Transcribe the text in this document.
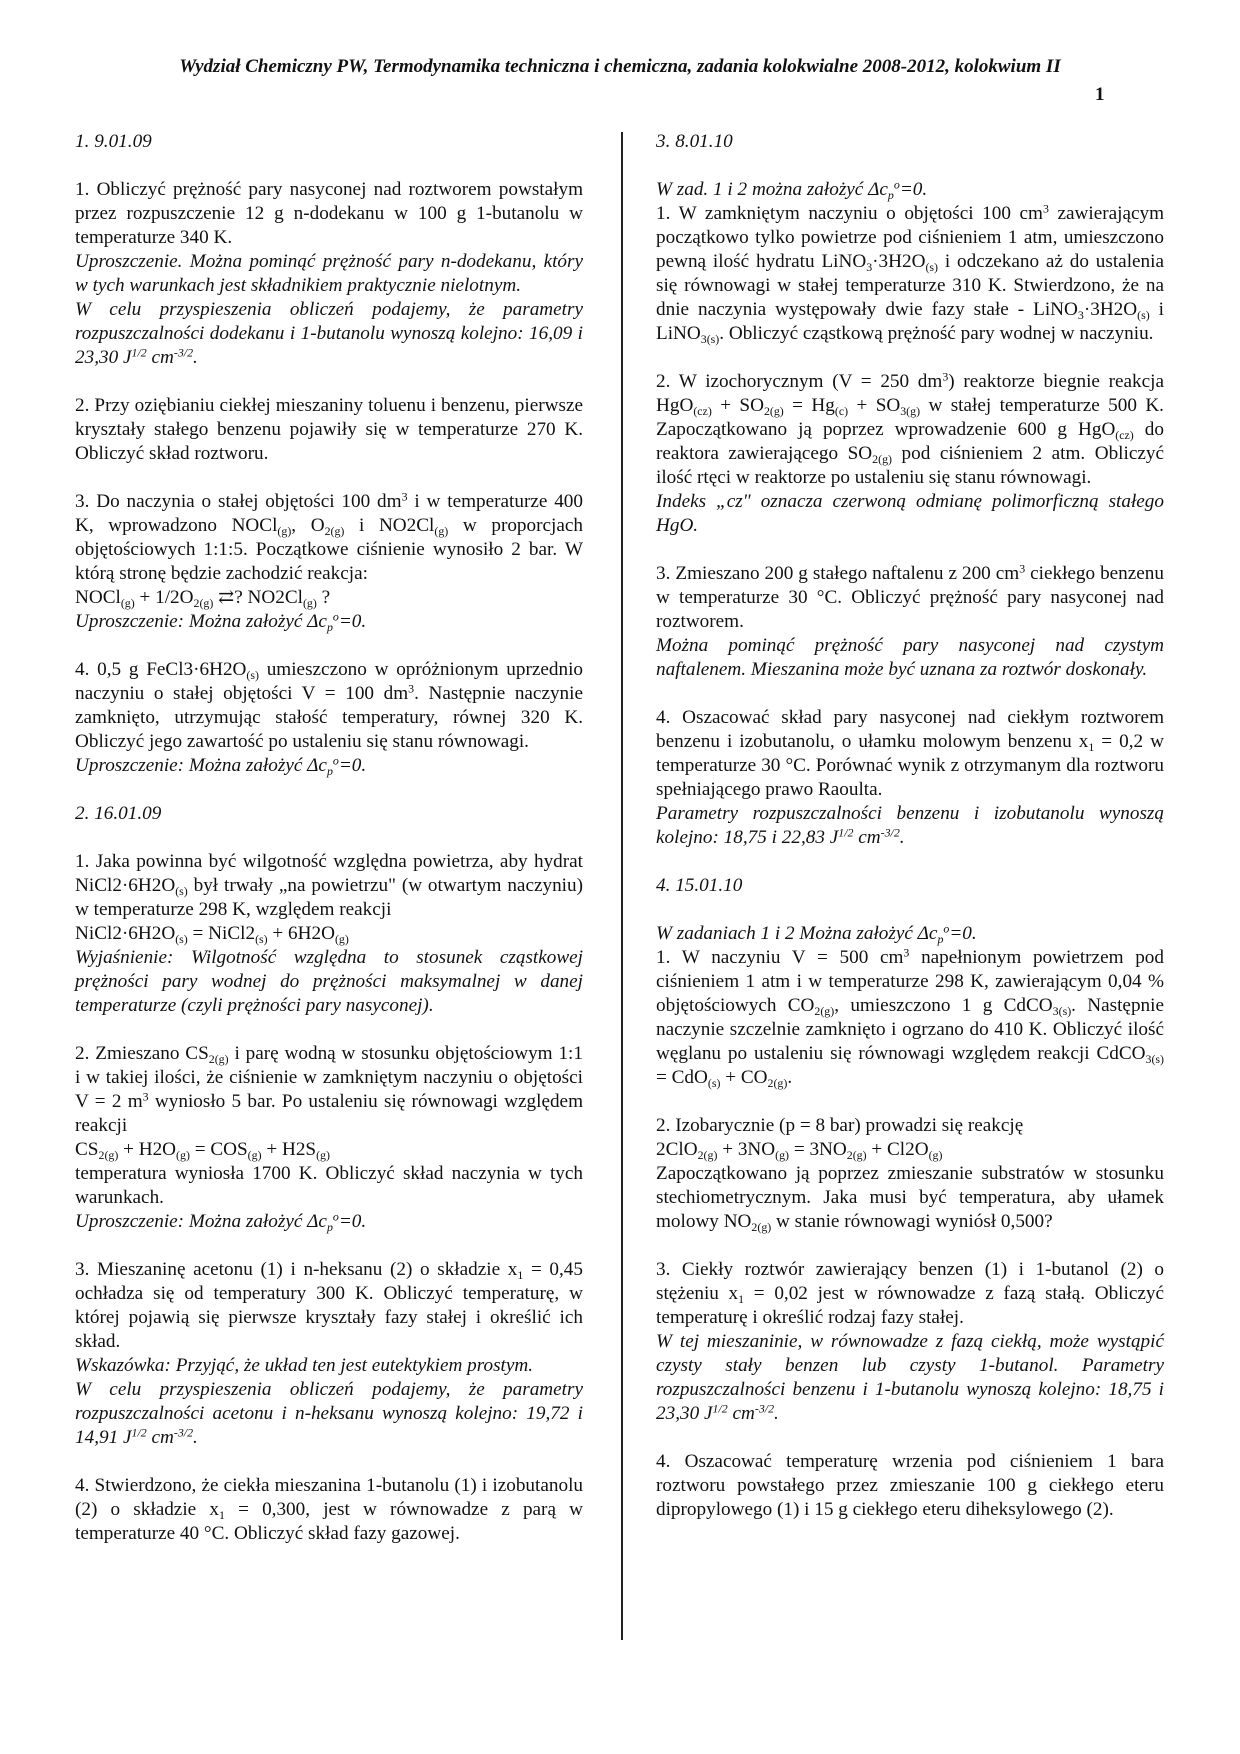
Wydział Chemiczny PW, Termodynamika techniczna i chemiczna, zadania kolokwialne 2008-2012, kolokwium II
1
1. 9.01.09
1. Obliczyć prężność pary nasyconej nad roztworem powstałym przez rozpuszczenie 12 g n-dodekanu w 100 g 1-butanolu w temperaturze 340 K.
Uproszczenie. Można pominąć prężność pary n-dodekanu, który w tych warunkach jest składnikiem praktycznie nielotnym.
W celu przyspieszenia obliczeń podajemy, że parametry rozpuszczalności dodekanu i 1-butanolu wynoszą kolejno: 16,09 i 23,30 $J^{1/2}$ $cm^{-3/2}$.
2. Przy oziębianiu ciekłej mieszaniny toluenu i benzenu, pierwsze kryształy stałego benzenu pojawiły się w temperaturze 270 K. Obliczyć skład roztworu.
3. Do naczynia o stałej objętości 100 $dm^3$ i w temperaturze 400 K, wprowadzono NOCl$_{(g)}$, $O_{2(g)}$ i $NO2Cl_{(g)}$ w proporcjach objętościowych 1:1:5. Początkowe ciśnienie wynosiło 2 bar. W którą stronę będzie zachodzić reakcja:
NOCl$_{(g)}$ + $1/2O_{2(g)}$ ⇄? $NO2Cl_{(g)}$ ?
Uproszczenie: Można założyć $\Delta c_p^o=0$.
4. 0,5 g $FeCl3\cdot 6H2O_{(s)}$ umieszczono w opróżnionym uprzednio naczyniu o stałej objętości V = 100 $dm^3$. Następnie naczynie zamknięto, utrzymując stałość temperatury, równej 320 K. Obliczyć jego zawartość po ustaleniu się stanu równowagi.
Uproszczenie: Można założyć $\Delta c_p^o=0$.
2. 16.01.09
1. Jaka powinna być wilgotność względna powietrza, aby hydrat $NiCl2\cdot 6H2O_{(s)}$ był trwały „na powietrzu" (w otwartym naczyniu) w temperaturze 298 K, względem reakcji
$NiCl2\cdot 6H2O_{(s)}$ = $NiCl2_{(s)} + 6H2O_{(g)}$
Wyjaśnienie: Wilgotność względna to stosunek cząstkowej prężności pary wodnej do prężności maksymalnej w danej temperaturze (czyli prężności pary nasyconej).
2. Zmieszano $CS_{2(g)}$ i parę wodną w stosunku objętościowym 1:1 i w takiej ilości, że ciśnienie w zamkniętym naczyniu o objętości V = 2 $m^3$ wyniosło 5 bar. Po ustaleniu się równowagi względem reakcji
$CS_{2(g)} + H2O_{(g)} = COS_{(g)} + H2S_{(g)}$
temperatura wyniosła 1700 K. Obliczyć skład naczynia w tych warunkach.
Uproszczenie: Można założyć $\Delta c_p^o=0$.
3. Mieszaninę acetonu (1) i n-heksanu (2) o składzie $x_1 = 0,45$ ochładza się od temperatury 300 K. Obliczyć temperaturę, w której pojawią się pierwsze kryształy fazy stałej i określić ich skład.
Wskazówka: Przyjąć, że układ ten jest eutektykiem prostym.
W celu przyspieszenia obliczeń podajemy, że parametry rozpuszczalności acetonu i n-heksanu wynoszą kolejno: 19,72 i 14,91 $J^{1/2}$ $cm^{-3/2}$.
4. Stwierdzono, że ciekła mieszanina 1-butanolu (1) i izobutanolu (2) o składzie $x_1 = 0,300$, jest w równowadze z parą w temperaturze 40 °C. Obliczyć skład fazy gazowej.
3. 8.01.10
W zad. 1 i 2 można założyć $\Delta c_p^o=0$.
1. W zamkniętym naczyniu o objętości 100 $cm^3$ zawierającym początkowo tylko powietrze pod ciśnieniem 1 atm, umieszczono pewną ilość hydratu $LiNO_3\cdot 3H2O_{(s)}$ i odczekano aż do ustalenia się równowagi w stałej temperaturze 310 K. Stwierdzono, że na dnie naczynia występowały dwie fazy stałe - $LiNO_3\cdot 3H2O_{(s)}$ i LiNO$_{3(s)}$. Obliczyć cząstkową prężność pary wodnej w naczyniu.
2. W izochorycznym (V = 250 $dm^3$) reaktorze biegnie reakcja $HgO_{(cz)} + SO_{2(g)} = Hg_{(c)} + SO_{3(g)}$ w stałej temperaturze 500 K. Zapoczątkowano ją poprzez wprowadzenie 600 g HgO$_{(cz)}$ do reaktora zawierającego $SO_{2(g)}$ pod ciśnieniem 2 atm. Obliczyć ilość rtęci w reaktorze po ustaleniu się stanu równowagi.
Indeks „cz" oznacza czerwoną odmianę polimorficzną stałego HgO.
3. Zmieszano 200 g stałego naftalenu z 200 $cm^3$ ciekłego benzenu w temperaturze 30 °C. Obliczyć prężność pary nasyconej nad roztworem.
Można pominąć prężność pary nasyconej nad czystym naftalenem. Mieszanina może być uznana za roztwór doskonały.
4. Oszacować skład pary nasyconej nad ciekłym roztworem benzenu i izobutanolu, o ułamku molowym benzenu $x_1 = 0,2$ w temperaturze 30 °C. Porównać wynik z otrzymanym dla roztworu spełniającego prawo Raoulta.
Parametry rozpuszczalności benzenu i izobutanolu wynoszą kolejno: 18,75 i 22,83 $J^{1/2}$ $cm^{-3/2}$.
4. 15.01.10
W zadaniach 1 i 2 Można założyć $\Delta c_p^o=0$.
1. W naczyniu V = 500 $cm^3$ napełnionym powietrzem pod ciśnieniem 1 atm i w temperaturze 298 K, zawierającym 0,04 % objętościowych $CO_{2(g)}$, umieszczono 1 g CdCO$_{3(s)}$. Następnie naczynie szczelnie zamknięto i ogrzano do 410 K. Obliczyć ilość węglanu po ustaleniu się równowagi względem reakcji CdCO$_{3(s)}$ = $CdO_{(s)} + CO_{2(g)}$.
2. Izobarycznie (p = 8 bar) prowadzi się reakcję
$2ClO_{2(g)} + 3NO_{(g)} = 3NO_{2(g)} + Cl2O_{(g)}$
Zapoczątkowano ją poprzez zmieszanie substratów w stosunku stechiometrycznym. Jaka musi być temperatura, aby ułamek molowy $NO_{2(g)}$ w stanie równowagi wyniósł 0,500?
3. Ciekły roztwór zawierający benzen (1) i 1-butanol (2) o stężeniu $x_1 = 0,02$ jest w równowadze z fazą stałą. Obliczyć temperaturę i określić rodzaj fazy stałej.
W tej mieszaninie, w równowadze z fazą ciekłą, może wystąpić czysty stały benzen lub czysty 1-butanol. Parametry rozpuszczalności benzenu i 1-butanolu wynoszą kolejno: 18,75 i 23,30 $J^{1/2}$ $cm^{-3/2}$.
4. Oszacować temperaturę wrzenia pod ciśnieniem 1 bara roztworu powstałego przez zmieszanie 100 g ciekłego eteru dipropylowego (1) i 15 g ciekłego eteru diheksylowego (2).
